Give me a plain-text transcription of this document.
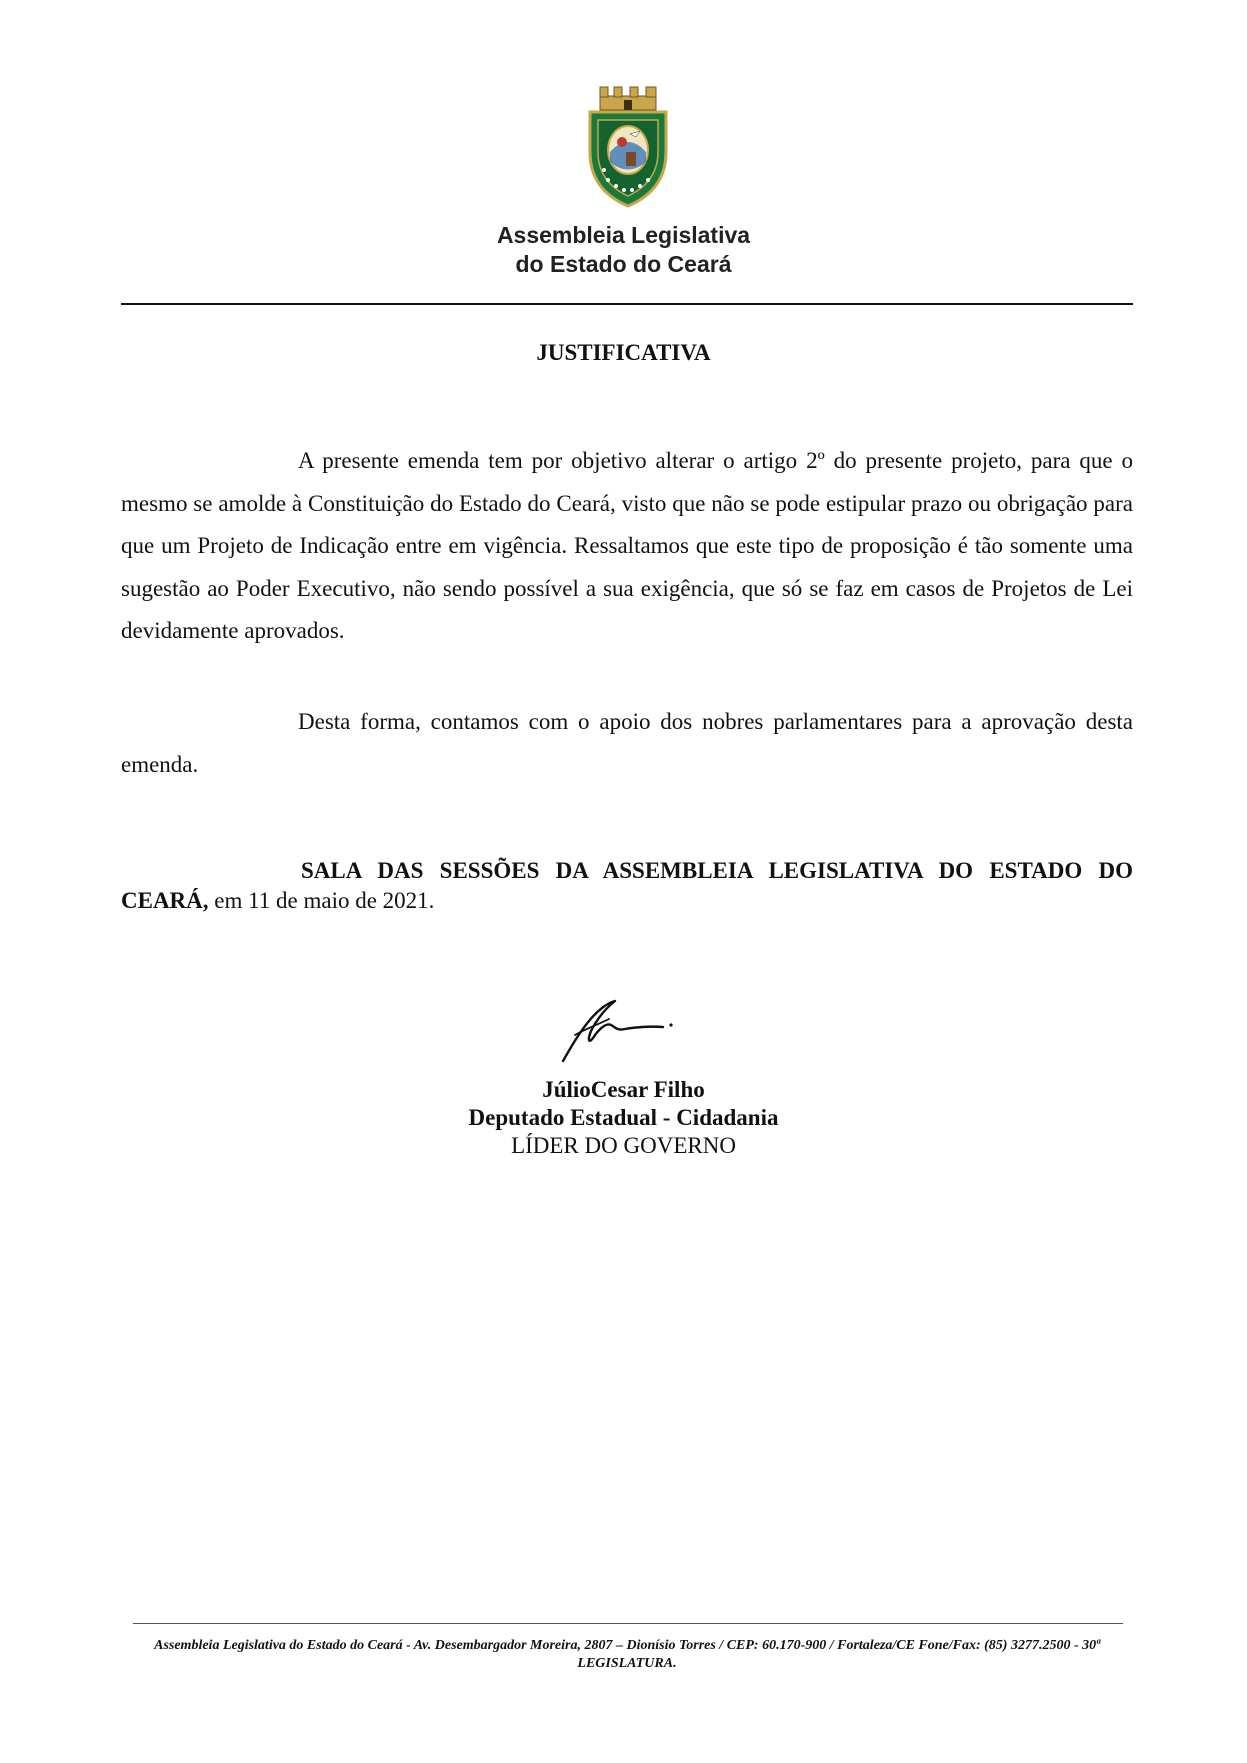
Assembleia Legislativa
do Estado do Ceará
JUSTIFICATIVA

A presente emenda tem por objetivo alterar o artigo 2º do presente projeto, para que o mesmo se amolde à Constituição do Estado do Ceará, visto que não se pode estipular prazo ou obrigação para que um Projeto de Indicação entre em vigência. Ressaltamos que este tipo de proposição é tão somente uma sugestão ao Poder Executivo, não sendo possível a sua exigência, que só se faz em casos de Projetos de Lei devidamente aprovados.

Desta forma, contamos com o apoio dos nobres parlamentares para a aprovação desta emenda.

SALA DAS SESSÕES DA ASSEMBLEIA LEGISLATIVA DO ESTADO DO CEARÁ, em 11 de maio de 2021.

JúlioCesar Filho
Deputado Estadual - Cidadania
LÍDER DO GOVERNO

Assembleia Legislativa do Estado do Ceará - Av. Desembargador Moreira, 2807 – Dionísio Torres / CEP: 60.170-900 / Fortaleza/CE Fone/Fax: (85) 3277.2500 - 30ª LEGISLATURA.
